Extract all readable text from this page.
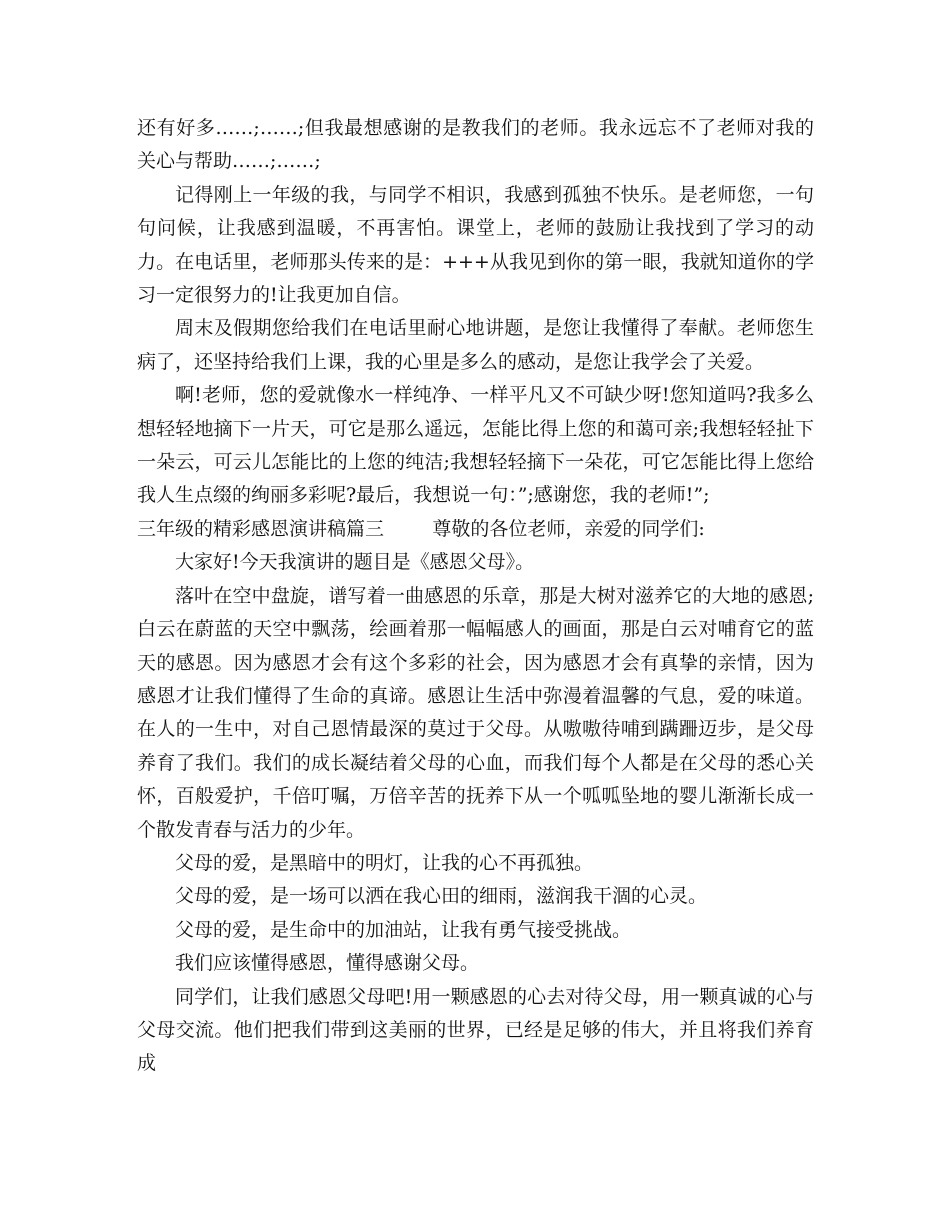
还有好多……;……;但我最想感谢的是教我们的老师。我永远忘不了老师对我的关心与帮助……;……;

记得刚上一年级的我，与同学不相识，我感到孤独不快乐。是老师您，一句句问候，让我感到温暖，不再害怕。课堂上，老师的鼓励让我找到了学习的动力。在电话里，老师那头传来的是：+++从我见到你的第一眼，我就知道你的学习一定很努力的!让我更加自信。

周末及假期您给我们在电话里耐心地讲题，是您让我懂得了奉献。老师您生病了，还坚持给我们上课，我的心里是多么的感动，是您让我学会了关爱。

啊!老师，您的爱就像水一样纯净、一样平凡又不可缺少呀!您知道吗?我多么想轻轻地摘下一片天，可它是那么遥远，怎能比得上您的和蔼可亲;我想轻轻扯下一朵云，可云儿怎能比的上您的纯洁;我想轻轻摘下一朵花，可它怎能比得上您给我人生点缀的绚丽多彩呢?最后，我想说一句：”;感谢您，我的老师!”;

三年级的精彩感恩演讲稿篇三        尊敬的各位老师，亲爱的同学们:

大家好!今天我演讲的题目是《感恩父母》。

落叶在空中盘旋，谱写着一曲感恩的乐章，那是大树对滋养它的大地的感恩;白云在蔚蓝的天空中飘荡，绘画着那一幅幅感人的画面，那是白云对哺育它的蓝天的感恩。因为感恩才会有这个多彩的社会，因为感恩才会有真挚的亲情，因为感恩才让我们懂得了生命的真谛。感恩让生活中弥漫着温馨的气息，爱的味道。 在人的一生中，对自己恩情最深的莫过于父母。从嗷嗷待哺到蹒跚迈步，是父母养育了我们。我们的成长凝结着父母的心血，而我们每个人都是在父母的悉心关怀，百般爱护，千倍叮嘱，万倍辛苦的抚养下从一个呱呱坠地的婴儿渐渐长成一个散发青春与活力的少年。

父母的爱，是黑暗中的明灯，让我的心不再孤独。

父母的爱，是一场可以洒在我心田的细雨，滋润我干涸的心灵。

父母的爱，是生命中的加油站，让我有勇气接受挑战。

我们应该懂得感恩，懂得感谢父母。

同学们，让我们感恩父母吧!用一颗感恩的心去对待父母，用一颗真诚的心与父母交流。他们把我们带到这美丽的世界，已经是足够的伟大，并且将我们养育成
